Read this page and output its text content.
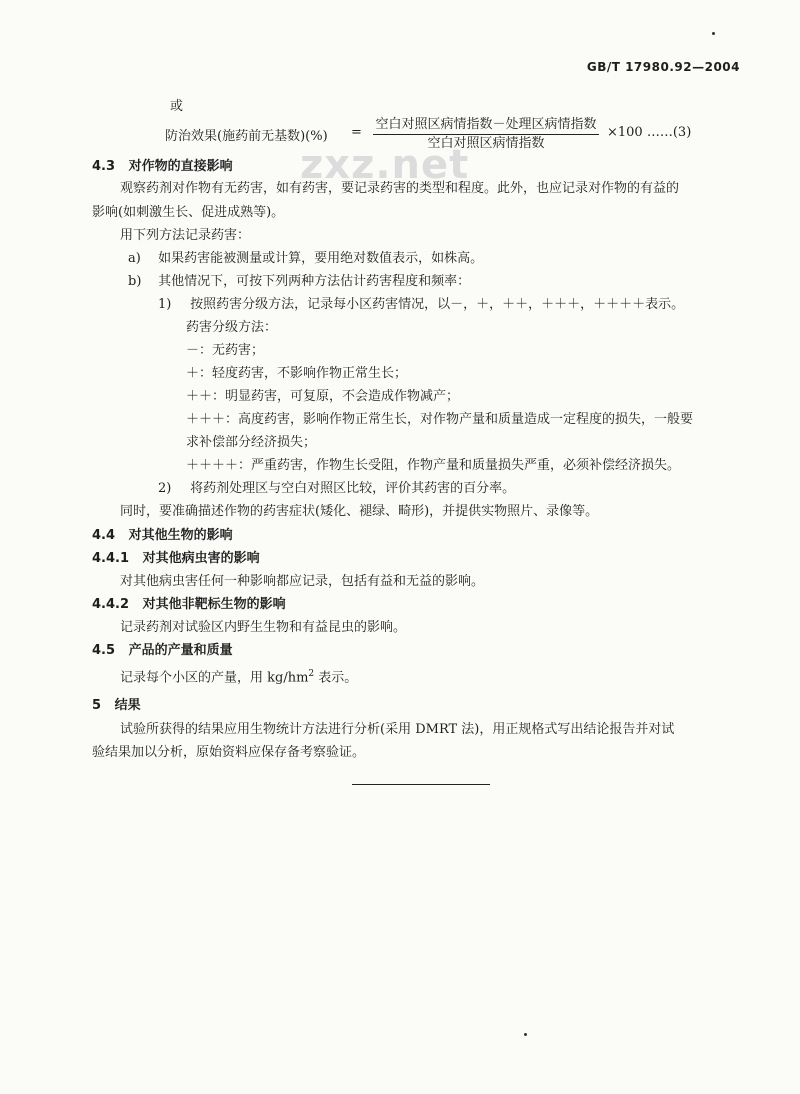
GB/T 17980.92—2004
zxz.net
或
防治效果(施药前无基数)(%) =
空白对照区病情指数－处理区病情指数
空白对照区病情指数
×100 ……(3)
4.3 对作物的直接影响
观察药剂对作物有无药害，如有药害，要记录药害的类型和程度。此外，也应记录对作物的有益的
影响(如刺激生长、促进成熟等)。
用下列方法记录药害：
a) 如果药害能被测量或计算，要用绝对数值表示，如株高。
b) 其他情况下，可按下列两种方法估计药害程度和频率：
1) 按照药害分级方法，记录每小区药害情况，以－，＋，＋＋，＋＋＋，＋＋＋＋表示。
药害分级方法：
－：无药害；
＋：轻度药害，不影响作物正常生长；
＋＋：明显药害，可复原，不会造成作物减产；
＋＋＋：高度药害，影响作物正常生长，对作物产量和质量造成一定程度的损失，一般要
求补偿部分经济损失；
＋＋＋＋：严重药害，作物生长受阻，作物产量和质量损失严重，必须补偿经济损失。
2) 将药剂处理区与空白对照区比较，评价其药害的百分率。
同时，要准确描述作物的药害症状(矮化、褪绿、畸形)，并提供实物照片、录像等。
4.4 对其他生物的影响
4.4.1 对其他病虫害的影响
对其他病虫害任何一种影响都应记录，包括有益和无益的影响。
4.4.2 对其他非靶标生物的影响
记录药剂对试验区内野生生物和有益昆虫的影响。
4.5 产品的产量和质量
记录每个小区的产量，用 $kg/hm^2$ 表示。
5 结果
试验所获得的结果应用生物统计方法进行分析(采用 DMRT 法)，用正规格式写出结论报告并对试
验结果加以分析，原始资料应保存备考察验证。
